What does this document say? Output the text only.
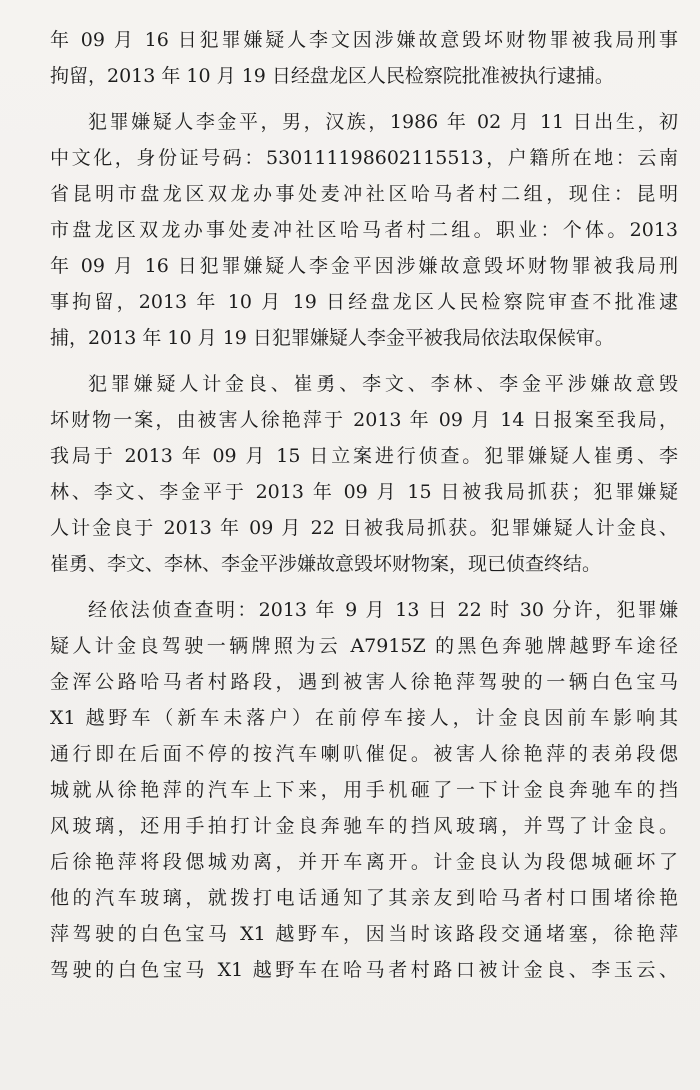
年 09 月 16 日犯罪嫌疑人李文因涉嫌故意毁坏财物罪被我局刑事
拘留，2013 年 10 月 19 日经盘龙区人民检察院批准被执行逮捕。
犯罪嫌疑人李金平，男，汉族，1986 年 02 月 11 日出生，初
中文化，身份证号码：530111198602115513，户籍所在地：云南
省昆明市盘龙区双龙办事处麦冲社区哈马者村二组，现住：昆明
市盘龙区双龙办事处麦冲社区哈马者村二组。职业：个体。2013
年 09 月 16 日犯罪嫌疑人李金平因涉嫌故意毁坏财物罪被我局刑
事拘留，2013 年 10 月 19 日经盘龙区人民检察院审查不批准逮
捕，2013 年 10 月 19 日犯罪嫌疑人李金平被我局依法取保候审。
犯罪嫌疑人计金良、崔勇、李文、李林、李金平涉嫌故意毁
坏财物一案，由被害人徐艳萍于 2013 年 09 月 14 日报案至我局，
我局于 2013 年 09 月 15 日立案进行侦查。犯罪嫌疑人崔勇、李
林、李文、李金平于 2013 年 09 月 15 日被我局抓获；犯罪嫌疑
人计金良于 2013 年 09 月 22 日被我局抓获。犯罪嫌疑人计金良、
崔勇、李文、李林、李金平涉嫌故意毁坏财物案，现已侦查终结。
经依法侦查查明：2013 年 9 月 13 日 22 时 30 分许，犯罪嫌
疑人计金良驾驶一辆牌照为云 A7915Z 的黑色奔驰牌越野车途径
金浑公路哈马者村路段，遇到被害人徐艳萍驾驶的一辆白色宝马
X1 越野车（新车未落户）在前停车接人，计金良因前车影响其
通行即在后面不停的按汽车喇叭催促。被害人徐艳萍的表弟段偲
城就从徐艳萍的汽车上下来，用手机砸了一下计金良奔驰车的挡
风玻璃，还用手拍打计金良奔驰车的挡风玻璃，并骂了计金良。
后徐艳萍将段偲城劝离，并开车离开。计金良认为段偲城砸坏了
他的汽车玻璃，就拨打电话通知了其亲友到哈马者村口围堵徐艳
萍驾驶的白色宝马 X1 越野车，因当时该路段交通堵塞，徐艳萍
驾驶的白色宝马 X1 越野车在哈马者村路口被计金良、李玉云、
